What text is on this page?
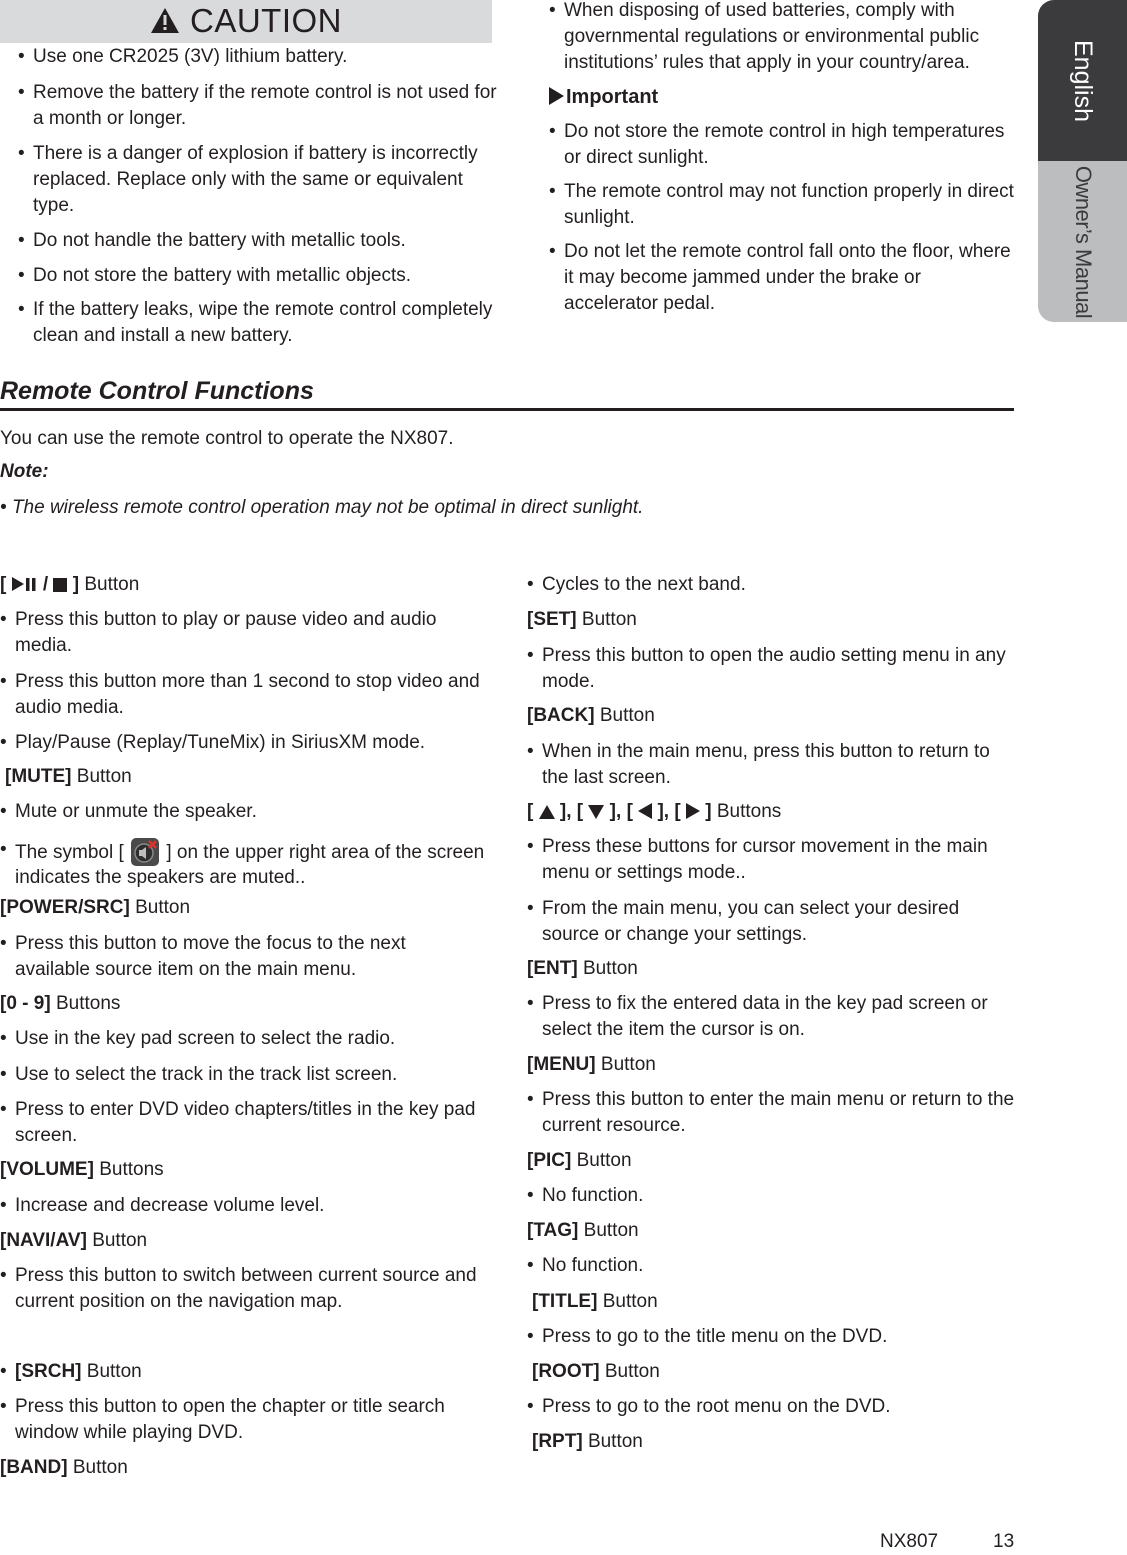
CAUTION
• Use one CR2025 (3V) lithium battery.
• Remove the battery if the remote control is not used for a month or longer.
• There is a danger of explosion if battery is incorrectly replaced. Replace only with the same or equivalent type.
• Do not handle the battery with metallic tools.
• Do not store the battery with metallic objects.
• If the battery leaks, wipe the remote control completely clean and install a new battery.
• When disposing of used batteries, comply with governmental regulations or environmental public institutions’ rules that apply in your country/area.
Important
• Do not store the remote control in high temperatures or direct sunlight.
• The remote control may not function properly in direct sunlight.
• Do not let the remote control fall onto the floor, where it may become jammed under the brake or accelerator pedal.
English
Owner’s Manual
Remote Control Functions
You can use the remote control to operate the NX807.
Note:
• The wireless remote control operation may not be optimal in direct sunlight.
[ / ] Button
• Press this button to play or pause video and audio media.
• Press this button more than 1 second to stop video and audio media.
• Play/Pause (Replay/TuneMix) in SiriusXM mode.
[MUTE] Button
• Mute or unmute the speaker.
• The symbol [ ] on the upper right area of the screen indicates the speakers are muted..
[POWER/SRC] Button
• Press this button to move the focus to the next available source item on the main menu.
[0 - 9] Buttons
• Use in the key pad screen to select the radio.
• Use to select the track in the track list screen.
• Press to enter DVD video chapters/titles in the key pad screen.
[VOLUME] Buttons
• Increase and decrease volume level.
[NAVI/AV] Button
• Press this button to switch between current source and current position on the navigation map.
• [SRCH] Button
• Press this button to open the chapter or title search window while playing DVD.
[BAND] Button
• Cycles to the next band.
[SET] Button
• Press this button to open the audio setting menu in any mode.
[BACK] Button
• When in the main menu, press this button to return to the last screen.
[ ], [ ], [ ], [ ] Buttons
• Press these buttons for cursor movement in the main menu or settings mode..
• From the main menu, you can select your desired source or change your settings.
[ENT] Button
• Press to fix the entered data in the key pad screen or select the item the cursor is on.
[MENU] Button
• Press this button to enter the main menu or return to the current resource.
[PIC] Button
• No function.
[TAG] Button
• No function.
[TITLE] Button
• Press to go to the title menu on the DVD.
[ROOT] Button
• Press to go to the root menu on the DVD.
[RPT] Button
NX807	13
